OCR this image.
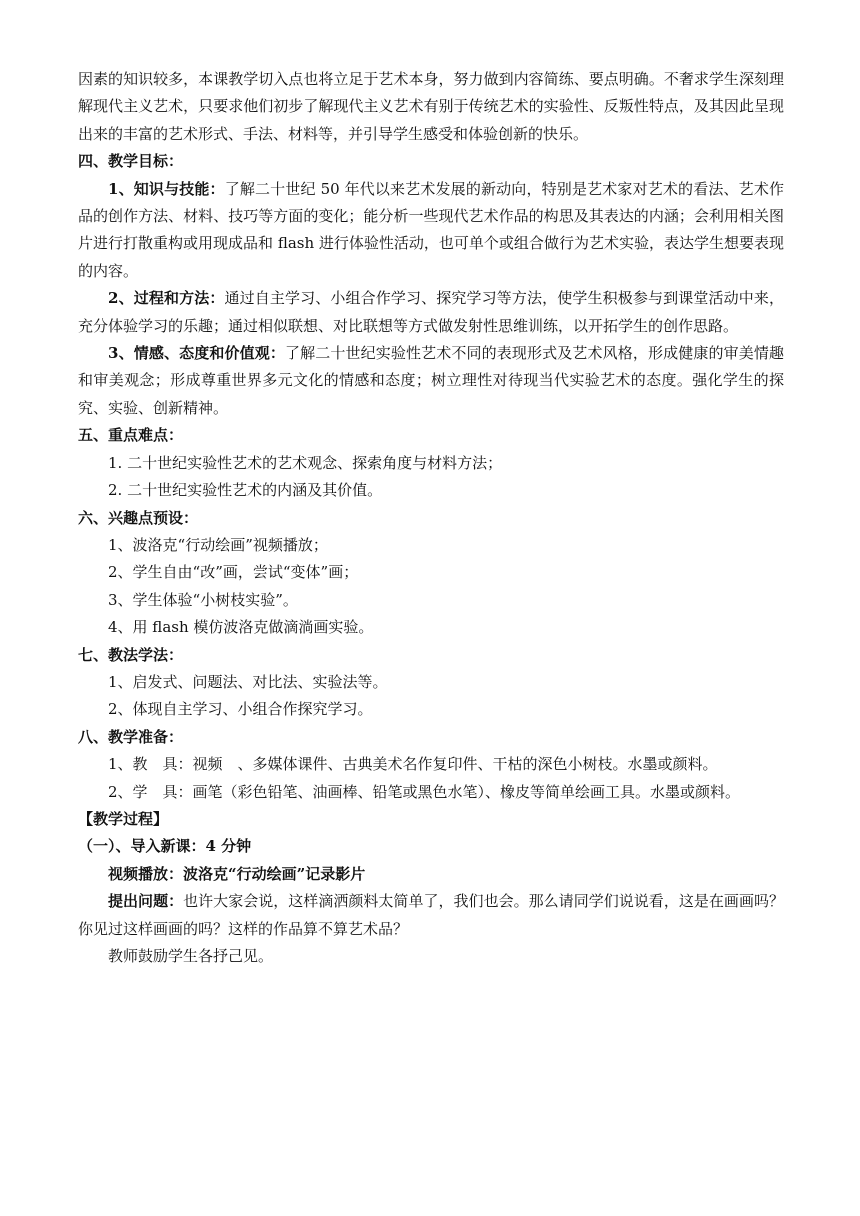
因素的知识较多，本课教学切入点也将立足于艺术本身，努力做到内容简练、要点明确。不奢求学生深刻理解现代主义艺术，只要求他们初步了解现代主义艺术有别于传统艺术的实验性、反叛性特点，及其因此呈现出来的丰富的艺术形式、手法、材料等，并引导学生感受和体验创新的快乐。

四、教学目标：

1、知识与技能：了解二十世纪 50 年代以来艺术发展的新动向，特别是艺术家对艺术的看法、艺术作品的创作方法、材料、技巧等方面的变化；能分析一些现代艺术作品的构思及其表达的内涵；会利用相关图片进行打散重构或用现成品和 flash 进行体验性活动，也可单个或组合做行为艺术实验，表达学生想要表现的内容。

2、过程和方法：通过自主学习、小组合作学习、探究学习等方法，使学生积极参与到课堂活动中来，充分体验学习的乐趣；通过相似联想、对比联想等方式做发射性思维训练，以开拓学生的创作思路。

3、情感、态度和价值观：了解二十世纪实验性艺术不同的表现形式及艺术风格，形成健康的审美情趣和审美观念；形成尊重世界多元文化的情感和态度；树立理性对待现当代实验艺术的态度。强化学生的探究、实验、创新精神。

五、重点难点：

1. 二十世纪实验性艺术的艺术观念、探索角度与材料方法；

2. 二十世纪实验性艺术的内涵及其价值。

六、兴趣点预设：

1、波洛克“行动绘画”视频播放；

2、学生自由“改”画，尝试“变体”画；

3、学生体验“小树枝实验”。

4、用 flash 模仿波洛克做滴淌画实验。

七、教法学法：

1、启发式、问题法、对比法、实验法等。

2、体现自主学习、小组合作探究学习。

八、教学准备：

1、教　具：视频　、多媒体课件、古典美术名作复印件、干枯的深色小树枝。水墨或颜料。

2、学　具：画笔（彩色铅笔、油画棒、铅笔或黑色水笔）、橡皮等简单绘画工具。水墨或颜料。

【教学过程】

（一）、导入新课：4 分钟

视频播放：波洛克“行动绘画”记录影片

提出问题：也许大家会说，这样滴洒颜料太简单了，我们也会。那么请同学们说说看，这是在画画吗？你见过这样画画的吗？这样的作品算不算艺术品？

教师鼓励学生各抒己见。
